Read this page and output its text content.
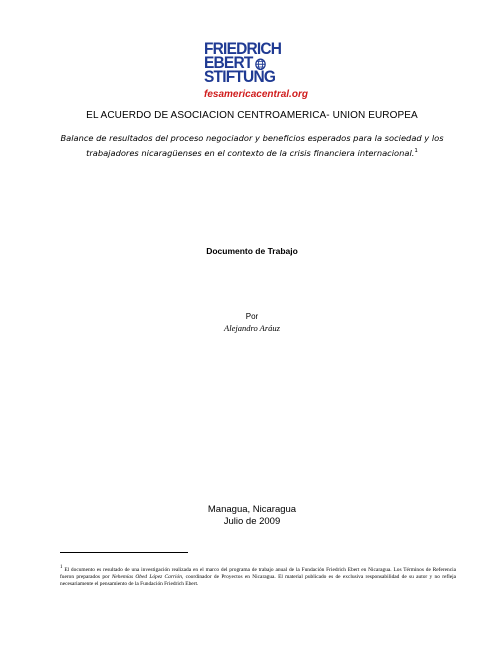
FRIEDRICH
EBERT
STIFTUNG
fesamericacentral.org
EL ACUERDO DE ASOCIACION CENTROAMERICA- UNION EUROPEA
Balance de resultados del proceso negociador y beneficios esperados para la sociedad y los trabajadores nicaragüenses en el contexto de la crisis financiera internacional.$^1$
Documento de Trabajo
Por
Alejandro Aráuz
Managua, Nicaragua
Julio de 2009
$^1$ El documento es resultado de una investigación realizada en el marco del programa de trabajo anual de la Fundación Friedrich Ebert en Nicaragua. Los Términos de Referencia fueron preparados por Nehemías Obed López Carrión, coordinador de Proyectos en Nicaragua. El material publicado es de exclusiva responsabilidad de su autor y no refleja necesariamente el pensamiento de la Fundación Friedrich Ebert.
